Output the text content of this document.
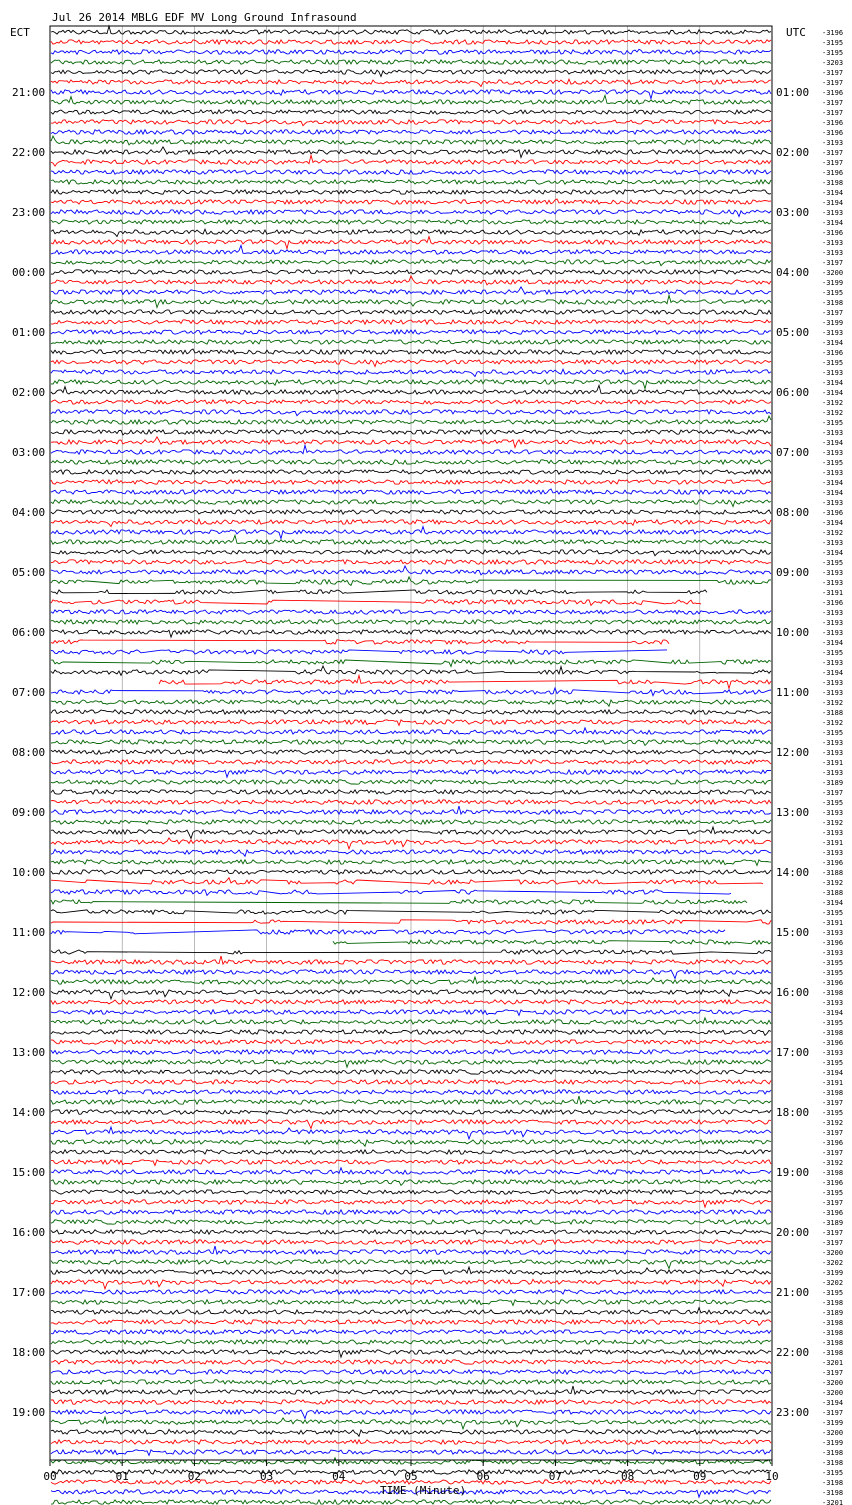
00	01	02	03	04	05	06	07	08	09	10
21:00
22:00
23:00
00:00
01:00
02:00
03:00
04:00
05:00
06:00
07:00
08:00
09:00
10:00
11:00
12:00
13:00
14:00
15:00
16:00
17:00
18:00
19:00
01:00
02:00
03:00
04:00
05:00
06:00
07:00
08:00
09:00
10:00
11:00
12:00
13:00
14:00
15:00
16:00
17:00
18:00
19:00
20:00
21:00
22:00
23:00
-3196
-3195
-3195
-3203
-3197
-3197
-3196
-3197
-3197
-3196
-3196
-3193
-3197
-3197
-3196
-3198
-3194
-3194
-3193
-3194
-3196
-3193
-3193
-3197
-3200
-3199
-3195
-3198
-3197
-3199
-3193
-3194
-3196
-3195
-3193
-3194
-3194
-3192
-3192
-3195
-3193
-3194
-3193
-3195
-3193
-3194
-3194
-3193
-3196
-3194
-3192
-3193
-3194
-3195
-3193
-3193
-3191
-3196
-3193
-3193
-3193
-3194
-3195
-3193
-3194
-3193
-3193
-3192
-3188
-3192
-3195
-3193
-3193
-3191
-3193
-3189
-3197
-3195
-3193
-3192
-3193
-3191
-3193
-3196
-3188
-3192
-3188
-3194
-3195
-3191
-3193
-3196
-3193
-3195
-3195
-3196
-3198
-3193
-3194
-3195
-3198
-3196
-3193
-3195
-3194
-3191
-3198
-3197
-3195
-3192
-3197
-3196
-3197
-3192
-3198
-3196
-3195
-3197
-3196
-3189
-3197
-3197
-3200
-3202
-3199
-3202
-3195
-3198
-3189
-3198
-3198
-3198
-3198
-3201
-3197
-3200
-3200
-3194
-3197
-3199
-3200
-3199
-3198
-3198
-3195
-3198
-3198
-3201
Jul 26 2014 MBLG EDF MV Long Ground Infrasound
ECT	UTC
TIME (Minute)
